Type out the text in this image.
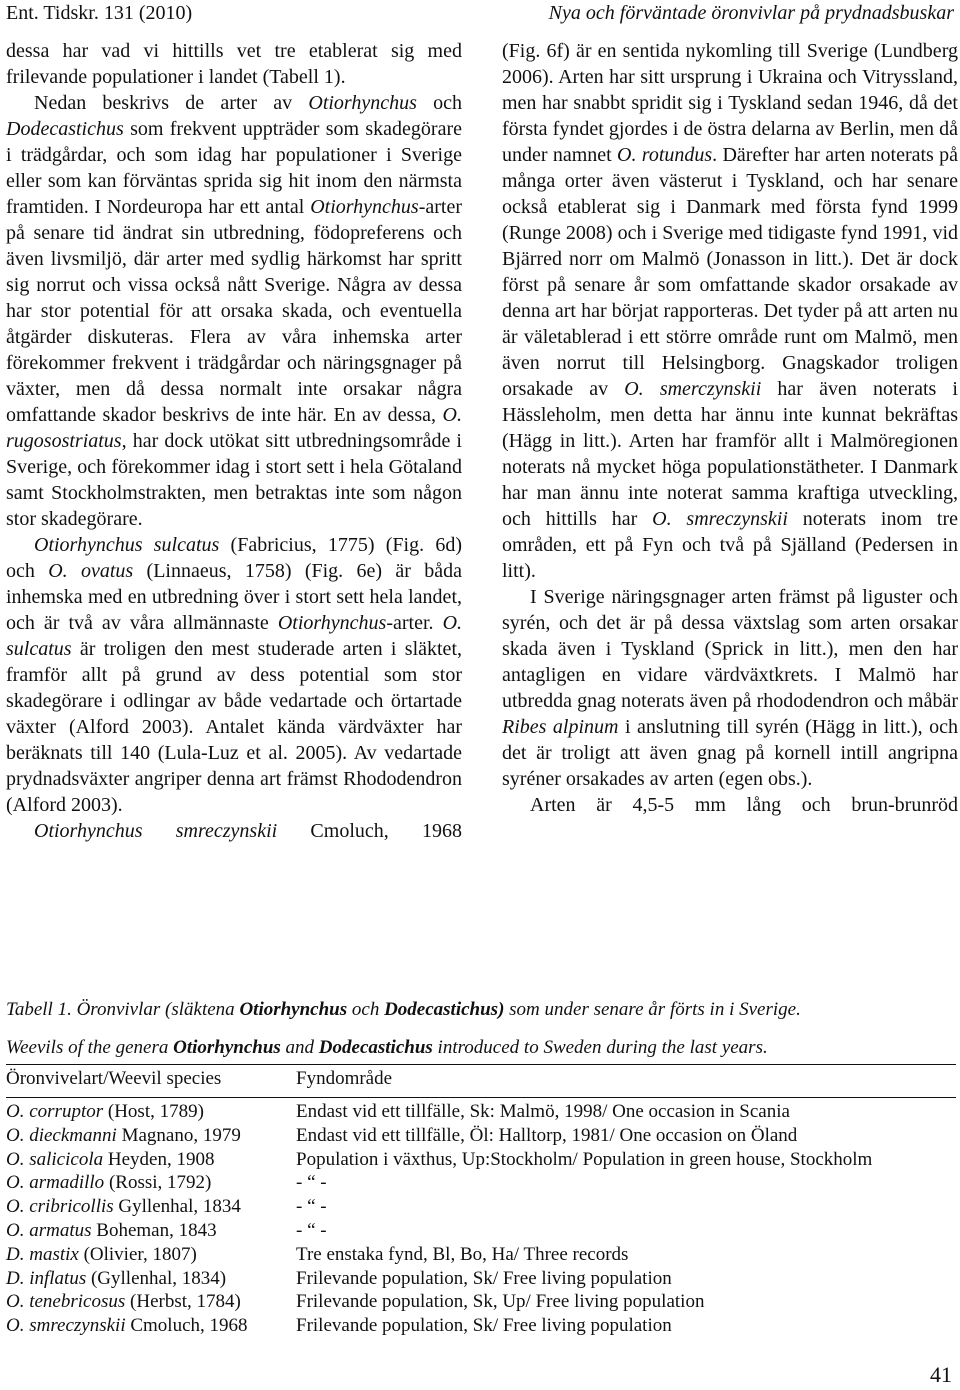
Ent. Tidskr. 131 (2010)	Nya och förväntade öronvivlar på prydnadsbuskar

dessa har vad vi hittills vet tre etablerat sig med frilevande populationer i landet (Tabell 1).

Nedan beskrivs de arter av Otiorhynchus och Dodecastichus som frekvent uppträder som skadegörare i trädgårdar, och som idag har populationer i Sverige eller som kan förväntas sprida sig hit inom den närmsta framtiden. I Nordeuropa har ett antal Otiorhynchus-arter på senare tid ändrat sin utbredning, födopreferens och även livsmiljö, där arter med sydlig härkomst har spritt sig norrut och vissa också nått Sverige. Några av dessa har stor potential för att orsaka skada, och eventuella åtgärder diskuteras. Flera av våra inhemska arter förekommer frekvent i trädgårdar och näringsgnager på växter, men då dessa normalt inte orsakar några omfattande skador beskrivs de inte här. En av dessa, O. rugosostriatus, har dock utökat sitt utbredningsområde i Sverige, och förekommer idag i stort sett i hela Götaland samt Stockholmstrakten, men betraktas inte som någon stor skadegörare.

Otiorhynchus sulcatus (Fabricius, 1775) (Fig. 6d) och O. ovatus (Linnaeus, 1758) (Fig. 6e) är båda inhemska med en utbredning över i stort sett hela landet, och är två av våra allmännaste Otiorhynchus-arter. O. sulcatus är troligen den mest studerade arten i släktet, framför allt på grund av dess potential som stor skadegörare i odlingar av både vedartade och örtartade växter (Alford 2003). Antalet kända värdväxter har beräknats till 140 (Lula-Luz et al. 2005). Av vedartade prydnadsväxter angriper denna art främst Rhododendron (Alford 2003).

Otiorhynchus smreczynskii Cmoluch, 1968

(Fig. 6f) är en sentida nykomling till Sverige (Lundberg 2006). Arten har sitt ursprung i Ukraina och Vitryssland, men har snabbt spridit sig i Tyskland sedan 1946, då det första fyndet gjordes i de östra delarna av Berlin, men då under namnet O. rotundus. Därefter har arten noterats på många orter även västerut i Tyskland, och har senare också etablerat sig i Danmark med första fynd 1999 (Runge 2008) och i Sverige med tidigaste fynd 1991, vid Bjärred norr om Malmö (Jonasson in litt.). Det är dock först på senare år som omfattande skador orsakade av denna art har börjat rapporteras. Det tyder på att arten nu är väletablerad i ett större område runt om Malmö, men även norrut till Helsingborg. Gnagskador troligen orsakade av O. smerczynskii har även noterats i Hässleholm, men detta har ännu inte kunnat bekräftas (Hägg in litt.). Arten har framför allt i Malmöregionen noterats nå mycket höga populationstätheter. I Danmark har man ännu inte noterat samma kraftiga utveckling, och hittills har O. smreczynskii noterats inom tre områden, ett på Fyn och två på Själland (Pedersen in litt).

I Sverige näringsgnager arten främst på liguster och syrén, och det är på dessa växtslag som arten orsakar skada även i Tyskland (Sprick in litt.), men den har antagligen en vidare värdväxtkrets. I Malmö har utbredda gnag noterats även på rhododendron och måbär Ribes alpinum i anslutning till syrén (Hägg in litt.), och det är troligt att även gnag på kornell intill angripna syréner orsakades av arten (egen obs.).

Arten är 4,5-5 mm lång och brun-brunröd

Tabell 1. Öronvivlar (släktena Otiorhynchus och Dodecastichus) som under senare år förts in i Sverige.
Weevils of the genera Otiorhynchus and Dodecastichus introduced to Sweden during the last years.
Öronvivelart/Weevil species	Fyndområde
O. corruptor (Host, 1789)	Endast vid ett tillfälle, Sk: Malmö, 1998/ One occasion in Scania
O. dieckmanni Magnano, 1979	Endast vid ett tillfälle, Öl: Halltorp, 1981/ One occasion on Öland
O. salicicola Heyden, 1908	Population i växthus, Up:Stockholm/ Population in green house, Stockholm
O. armadillo (Rossi, 1792)	- “ -
O. cribricollis Gyllenhal, 1834	- “ -
O. armatus Boheman, 1843	- “ -
D. mastix (Olivier, 1807)	Tre enstaka fynd, Bl, Bo, Ha/ Three records
D. inflatus (Gyllenhal, 1834)	Frilevande population, Sk/ Free living population
O. tenebricosus (Herbst, 1784)	Frilevande population, Sk, Up/ Free living population
O. smreczynskii Cmoluch, 1968	Frilevande population, Sk/ Free living population
41
